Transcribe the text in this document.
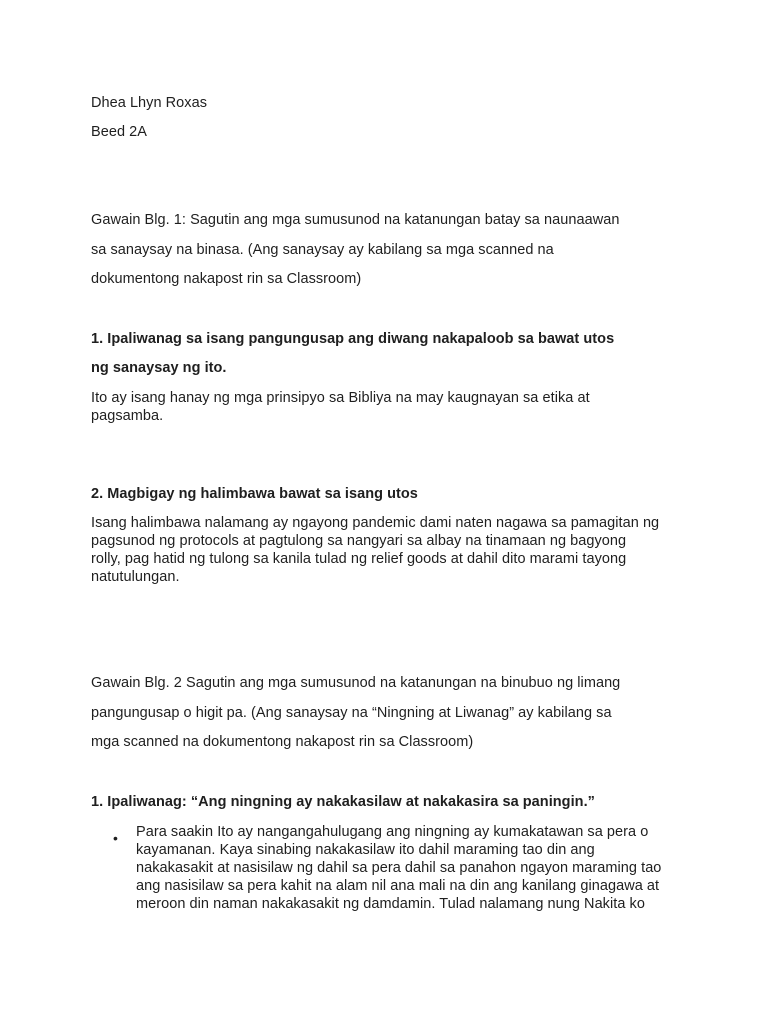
Dhea Lhyn Roxas
Beed 2A
Gawain Blg. 1: Sagutin ang mga sumusunod na katanungan batay sa naunaawan
sa sanaysay na binasa. (Ang sanaysay ay kabilang sa mga scanned na
dokumentong nakapost rin sa Classroom)
1. Ipaliwanag sa isang pangungusap ang diwang nakapaloob sa bawat utos
ng sanaysay ng ito.
Ito ay isang hanay ng mga prinsipyo sa Bibliya na may kaugnayan sa etika at
pagsamba.
2. Magbigay ng halimbawa bawat sa isang utos
Isang halimbawa nalamang ay ngayong pandemic dami naten nagawa sa pamagitan ng
pagsunod ng protocols at pagtulong sa nangyari sa albay na tinamaan ng bagyong
rolly, pag hatid ng tulong sa kanila tulad ng relief goods at dahil dito marami tayong
natutulungan.
Gawain Blg. 2 Sagutin ang mga sumusunod na katanungan na binubuo ng limang
pangungusap o higit pa. (Ang sanaysay na “Ningning at Liwanag” ay kabilang sa
mga scanned na dokumentong nakapost rin sa Classroom)
1. Ipaliwanag: “Ang ningning ay nakakasilaw at nakakasira sa paningin.”
• Para saakin Ito ay nangangahulugang ang ningning ay kumakatawan sa pera o
kayamanan. Kaya sinabing nakakasilaw ito dahil maraming tao din ang
nakakasakit at nasisilaw ng dahil sa pera dahil sa panahon ngayon maraming tao
ang nasisilaw sa pera kahit na alam nil ana mali na din ang kanilang ginagawa at
meroon din naman nakakasakit ng damdamin. Tulad nalamang nung Nakita ko
